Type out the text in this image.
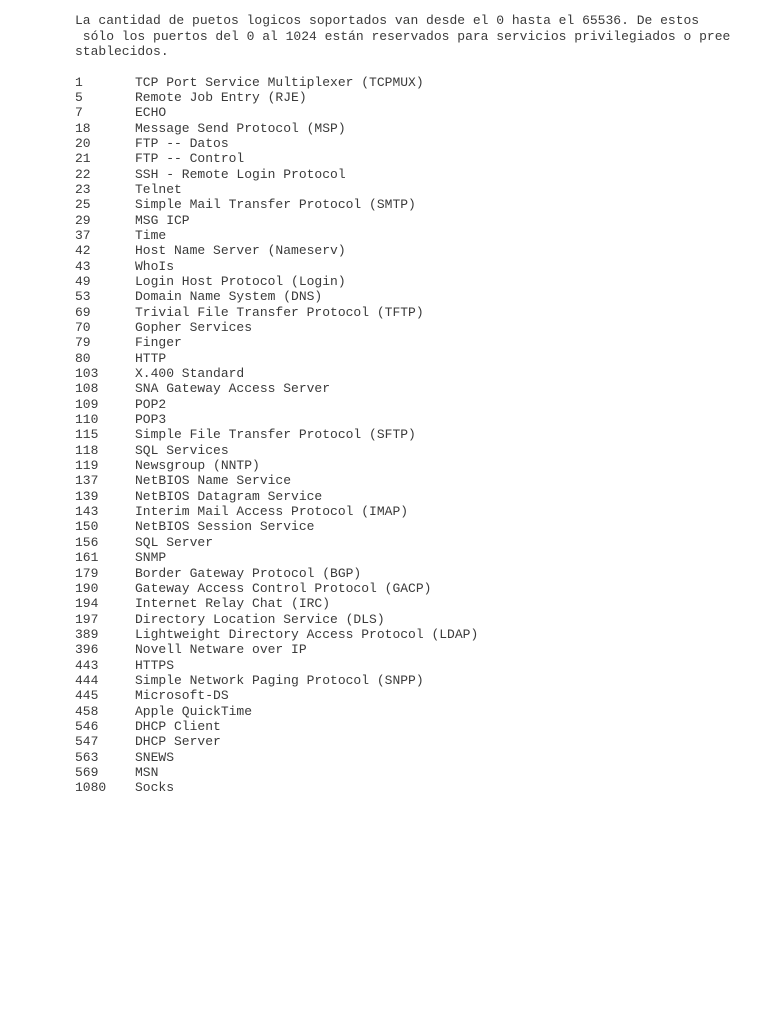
La cantidad de puetos logicos soportados van desde el 0 hasta el 65536. De estos
sólo los puertos del 0 al 1024 están reservados para servicios privilegiados o pree
stablecidos.

1	TCP Port Service Multiplexer (TCPMUX)
5	Remote Job Entry (RJE)
7	ECHO
18	Message Send Protocol (MSP)
20	FTP -- Datos
21	FTP -- Control
22	SSH - Remote Login Protocol
23	Telnet
25	Simple Mail Transfer Protocol (SMTP)
29	MSG ICP
37	Time
42	Host Name Server (Nameserv)
43	WhoIs
49	Login Host Protocol (Login)
53	Domain Name System (DNS)
69	Trivial File Transfer Protocol (TFTP)
70	Gopher Services
79	Finger
80	HTTP
103	X.400 Standard
108	SNA Gateway Access Server
109	POP2
110	POP3
115	Simple File Transfer Protocol (SFTP)
118	SQL Services
119	Newsgroup (NNTP)
137	NetBIOS Name Service
139	NetBIOS Datagram Service
143	Interim Mail Access Protocol (IMAP)
150	NetBIOS Session Service
156	SQL Server
161	SNMP
179	Border Gateway Protocol (BGP)
190	Gateway Access Control Protocol (GACP)
194	Internet Relay Chat (IRC)
197	Directory Location Service (DLS)
389	Lightweight Directory Access Protocol (LDAP)
396	Novell Netware over IP
443	HTTPS
444	Simple Network Paging Protocol (SNPP)
445	Microsoft-DS
458	Apple QuickTime
546	DHCP Client
547	DHCP Server
563	SNEWS
569	MSN
1080	Socks
